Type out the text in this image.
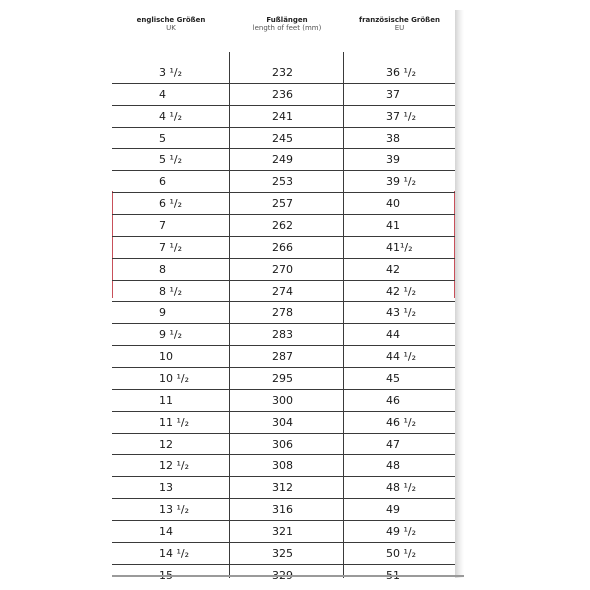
englische Größen
UK
Fußlängen
length of feet (mm)
französische Größen
EU
3 ¹/₂	232	36 ¹/₂
4	236	37
4 ¹/₂	241	37 ¹/₂
5	245	38
5 ¹/₂	249	39
6	253	39 ¹/₂
6 ¹/₂	257	40
7	262	41
7 ¹/₂	266	41¹/₂
8	270	42
8 ¹/₂	274	42 ¹/₂
9	278	43 ¹/₂
9 ¹/₂	283	44
10	287	44 ¹/₂
10 ¹/₂	295	45
11	300	46
11 ¹/₂	304	46 ¹/₂
12	306	47
12 ¹/₂	308	48
13	312	48 ¹/₂
13 ¹/₂	316	49
14	321	49 ¹/₂
14 ¹/₂	325	50 ¹/₂
